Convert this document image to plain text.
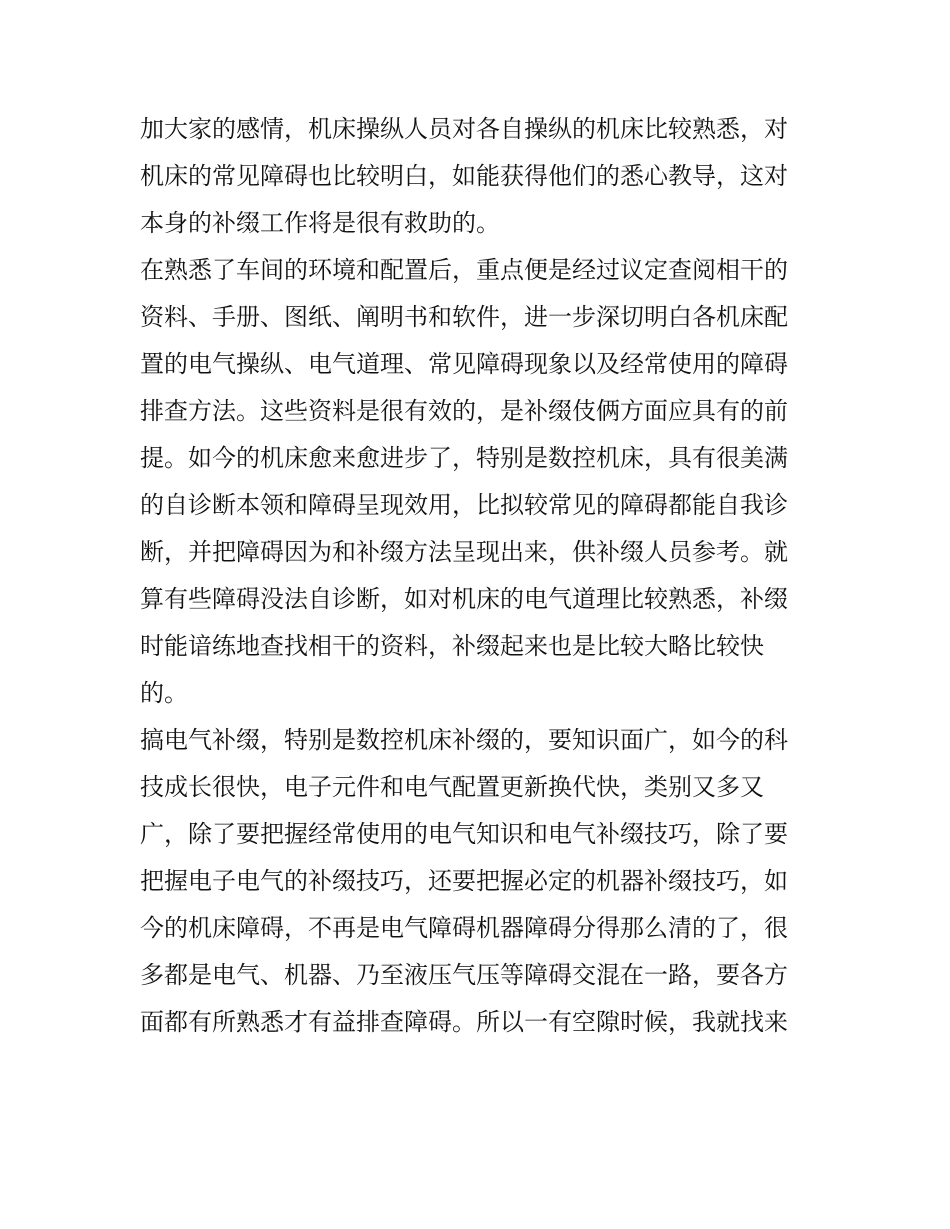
加大家的感情，机床操纵人员对各自操纵的机床比较熟悉，对
机床的常见障碍也比较明白，如能获得他们的悉心教导，这对
本身的补缀工作将是很有救助的。
在熟悉了车间的环境和配置后，重点便是经过议定查阅相干的
资料、手册、图纸、阐明书和软件，进一步深切明白各机床配
置的电气操纵、电气道理、常见障碍现象以及经常使用的障碍
排查方法。这些资料是很有效的，是补缀伎俩方面应具有的前
提。如今的机床愈来愈进步了，特别是数控机床，具有很美满
的自诊断本领和障碍呈现效用，比拟较常见的障碍都能自我诊
断，并把障碍因为和补缀方法呈现出来，供补缀人员参考。就
算有些障碍没法自诊断，如对机床的电气道理比较熟悉，补缀
时能谙练地查找相干的资料，补缀起来也是比较大略比较快
的。
搞电气补缀，特别是数控机床补缀的，要知识面广，如今的科
技成长很快，电子元件和电气配置更新换代快，类别又多又
广，除了要把握经常使用的电气知识和电气补缀技巧，除了要
把握电子电气的补缀技巧，还要把握必定的机器补缀技巧，如
今的机床障碍，不再是电气障碍机器障碍分得那么清的了，很
多都是电气、机器、乃至液压气压等障碍交混在一路，要各方
面都有所熟悉才有益排查障碍。所以一有空隙时候，我就找来
